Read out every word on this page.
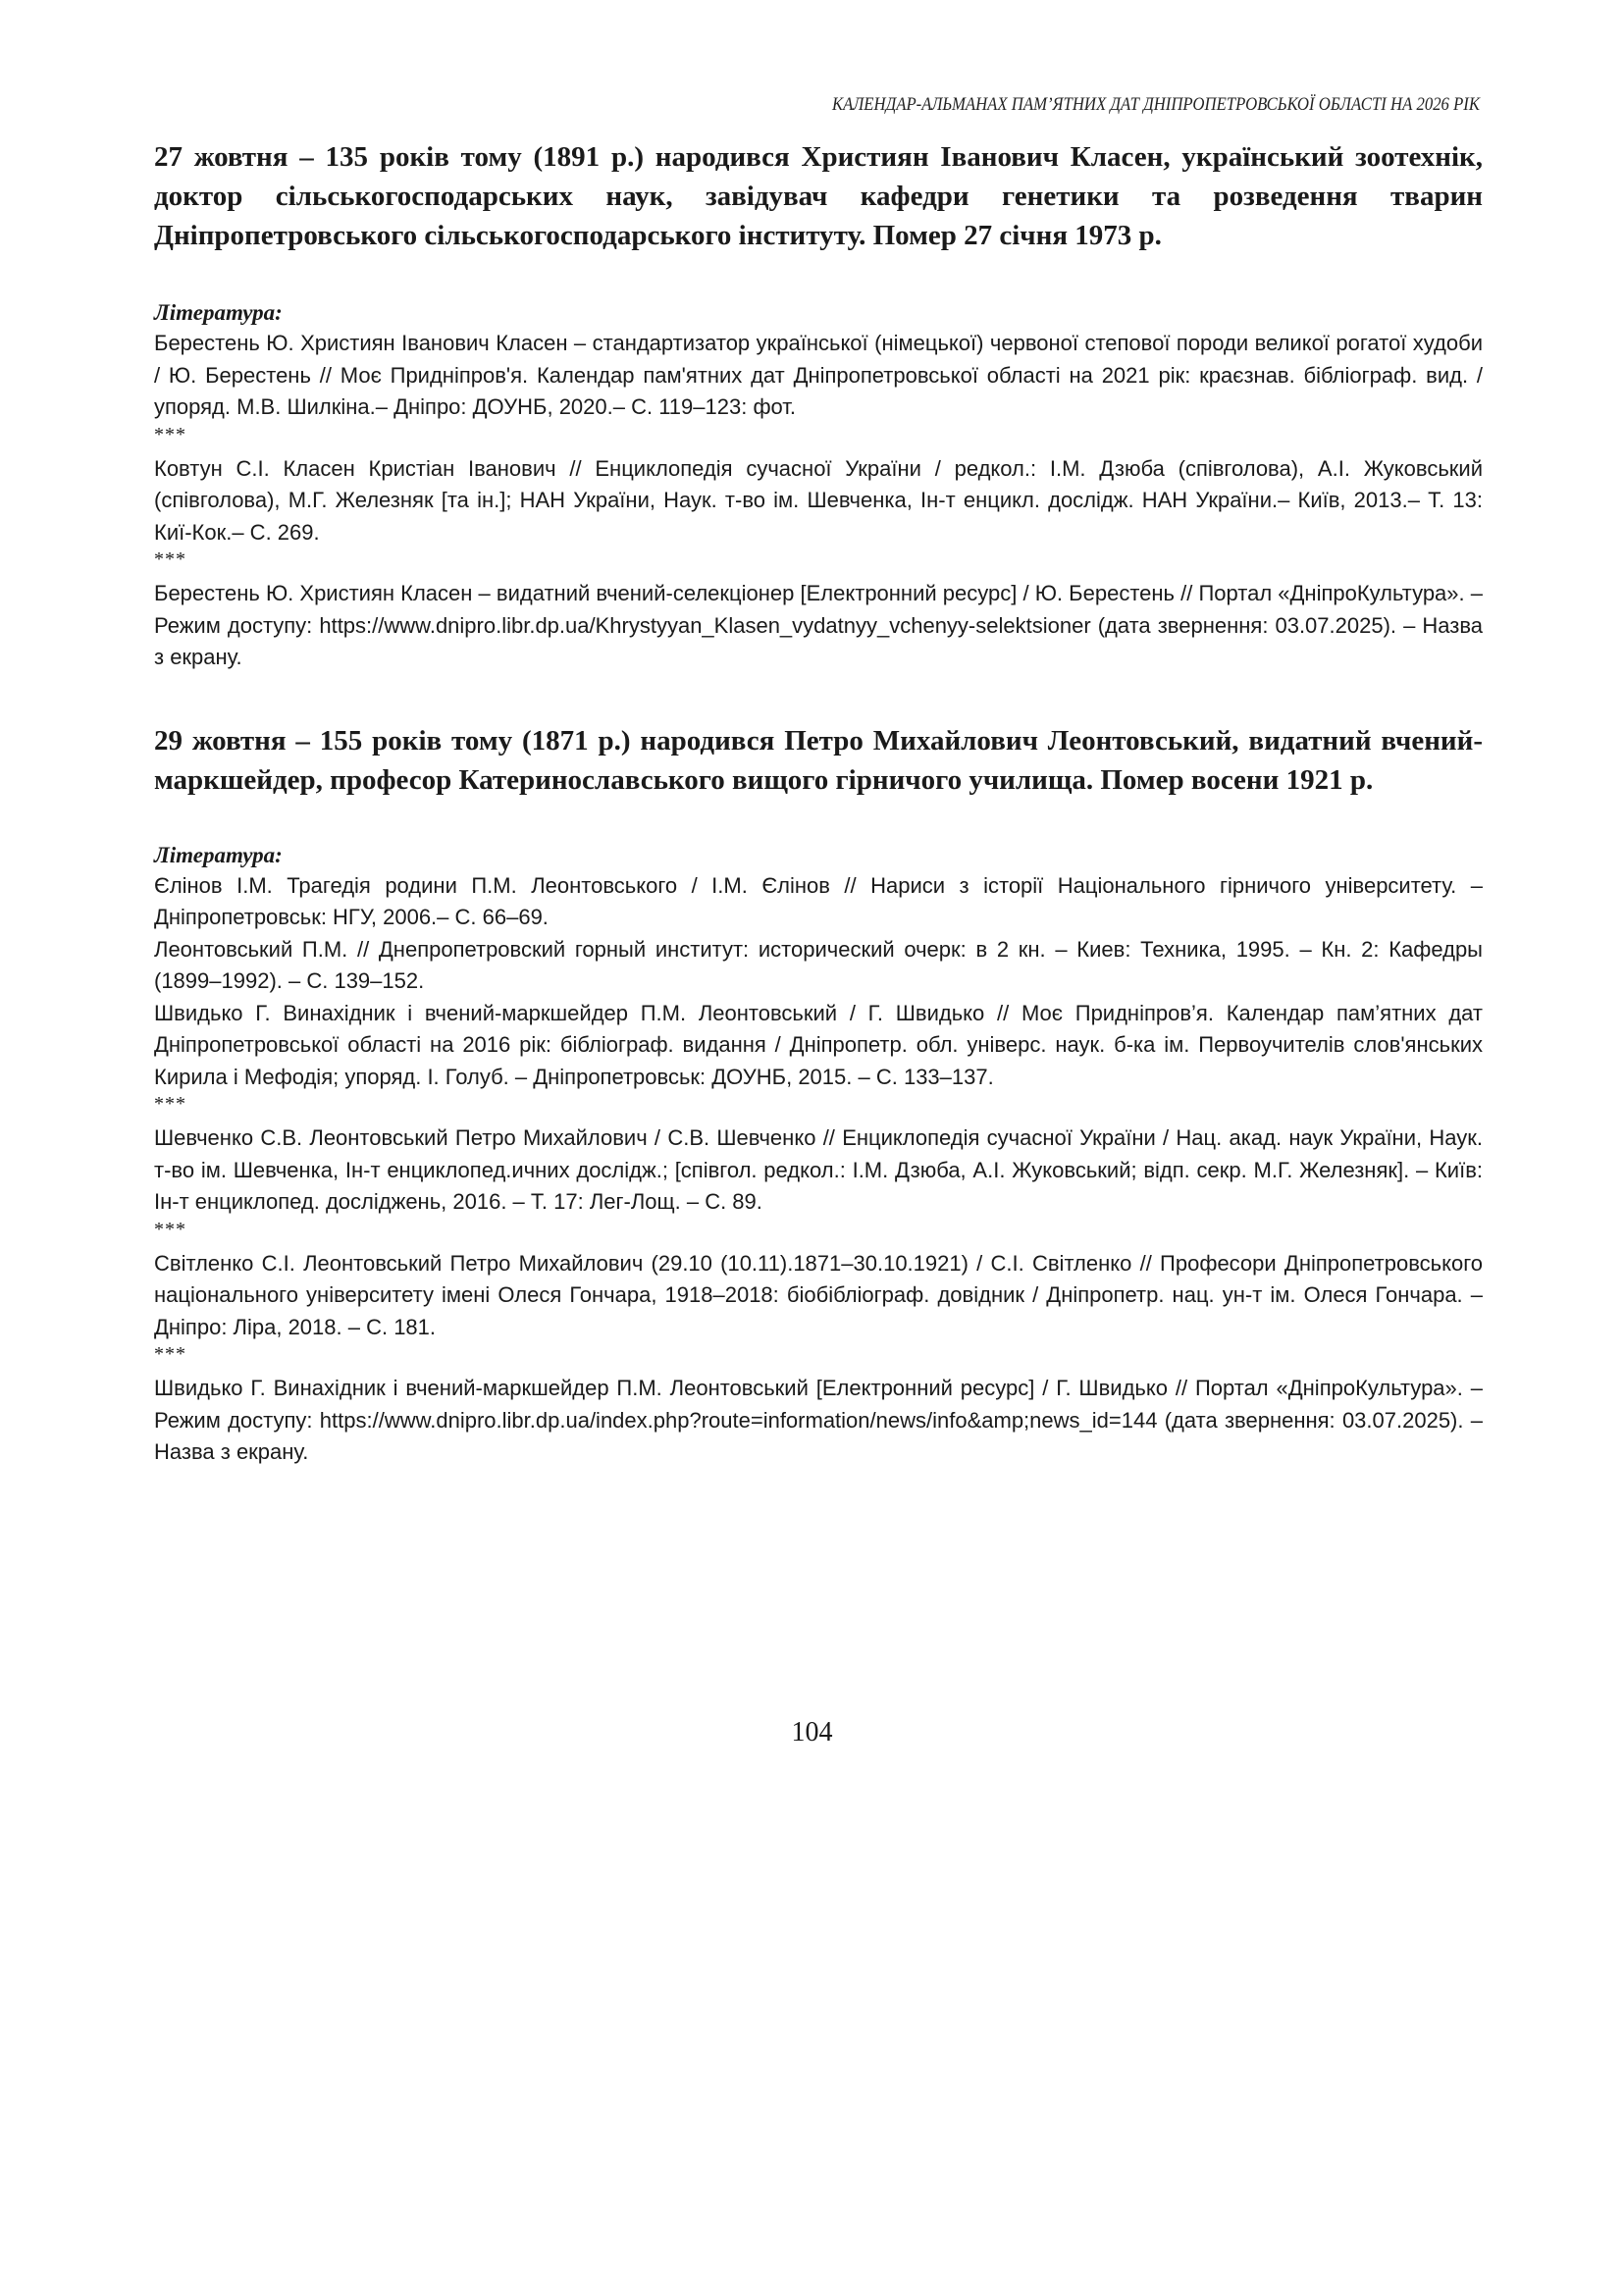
КАЛЕНДАР-АЛЬМАНАХ ПАМ’ЯТНИХ ДАТ ДНІПРОПЕТРОВСЬКОЇ ОБЛАСТІ НА 2026 РІК

27 жовтня – 135 років тому (1891 р.) народився Християн Іванович Класен, український зоотехнік, доктор сільськогосподарських наук, завідувач кафедри генетики та розведення тварин Дніпропетровського сільськогосподарського інституту. Помер 27 січня 1973 р.

Література:

Берестень Ю. Християн Іванович Класен – стандартизатор української (німецької) червоної степової породи великої рогатої худоби / Ю. Берестень // Моє Придніпров'я. Календар пам'ятних дат Дніпропетровської області на 2021 рік: краєзнав. бібліограф. вид. / упоряд. М.В. Шилкіна.– Дніпро: ДОУНБ, 2020.– С. 119–123: фот.

***

Ковтун С.І. Класен Кристіан Іванович // Енциклопедія сучасної України / редкол.: І.М. Дзюба (співголова), А.І. Жуковський (співголова), М.Г. Железняк [та ін.]; НАН України, Наук. т-во ім. Шевченка, Ін-т енцикл. дослідж. НАН України.– Київ, 2013.– Т. 13: Киї-Кок.– С. 269.

***

Берестень Ю. Християн Класен – видатний вчений-селекціонер [Електронний ресурс] / Ю. Берестень // Портал «ДніпроКультура». – Режим доступу: https://www.dnipro.libr.dp.ua/Khrystyyan_Klasen_vydatnyy_vchenyy-selektsioner (дата звернення: 03.07.2025). – Назва з екрану.

29 жовтня – 155 років тому (1871 р.) народився Петро Михайлович Леонтовський, видатний вчений-маркшейдер, професор Катеринославського вищого гірничого училища. Помер восени 1921 р.

Література:

Єлінов І.М. Трагедія родини П.М. Леонтовського / І.М. Єлінов // Нариси з історії Національного гірничого університету. – Дніпропетровськ: НГУ, 2006.– С. 66–69.

Леонтовський П.М. // Днепропетровский горный институт: исторический очерк: в 2 кн. – Киев: Техника, 1995. – Кн. 2: Кафедры (1899–1992). – С. 139–152.

Швидько Г. Винахідник і вчений-маркшейдер П.М. Леонтовський / Г. Швидько // Моє Придніпров’я. Календар пам’ятних дат Дніпропетровської області на 2016 рік: бібліограф. видання / Дніпропетр. обл. універс. наук. б-ка ім. Первоучителів слов'янських Кирила і Мефодія; упоряд. І. Голуб. – Дніпропетровськ: ДОУНБ, 2015. – С. 133–137.

***

Шевченко С.В. Леонтовський Петро Михайлович / С.В. Шевченко // Енциклопедія сучасної України / Нац. акад. наук України, Наук. т-во ім. Шевченка, Ін-т енциклопед.ичних дослідж.; [співгол. редкол.: І.М. Дзюба, А.І. Жуковський; відп. секр. М.Г. Железняк]. – Київ: Ін-т енциклопед. досліджень, 2016. – Т. 17: Лег-Лощ. – С. 89.

***

Світленко С.І. Леонтовський Петро Михайлович (29.10 (10.11).1871–30.10.1921) / С.І. Світленко // Професори Дніпропетровського національного університету імені Олеся Гончара, 1918–2018: біобібліограф. довідник / Дніпропетр. нац. ун-т ім. Олеся Гончара. – Дніпро: Ліра, 2018. – С. 181.

***

Швидько Г. Винахідник і вчений-маркшейдер П.М. Леонтовський [Електронний ресурс] / Г. Швидько // Портал «ДніпроКультура». – Режим доступу: https://www.dnipro.libr.dp.ua/index.php?route=information/news/info&amp;news_id=144 (дата звернення: 03.07.2025). – Назва з екрану.

104
